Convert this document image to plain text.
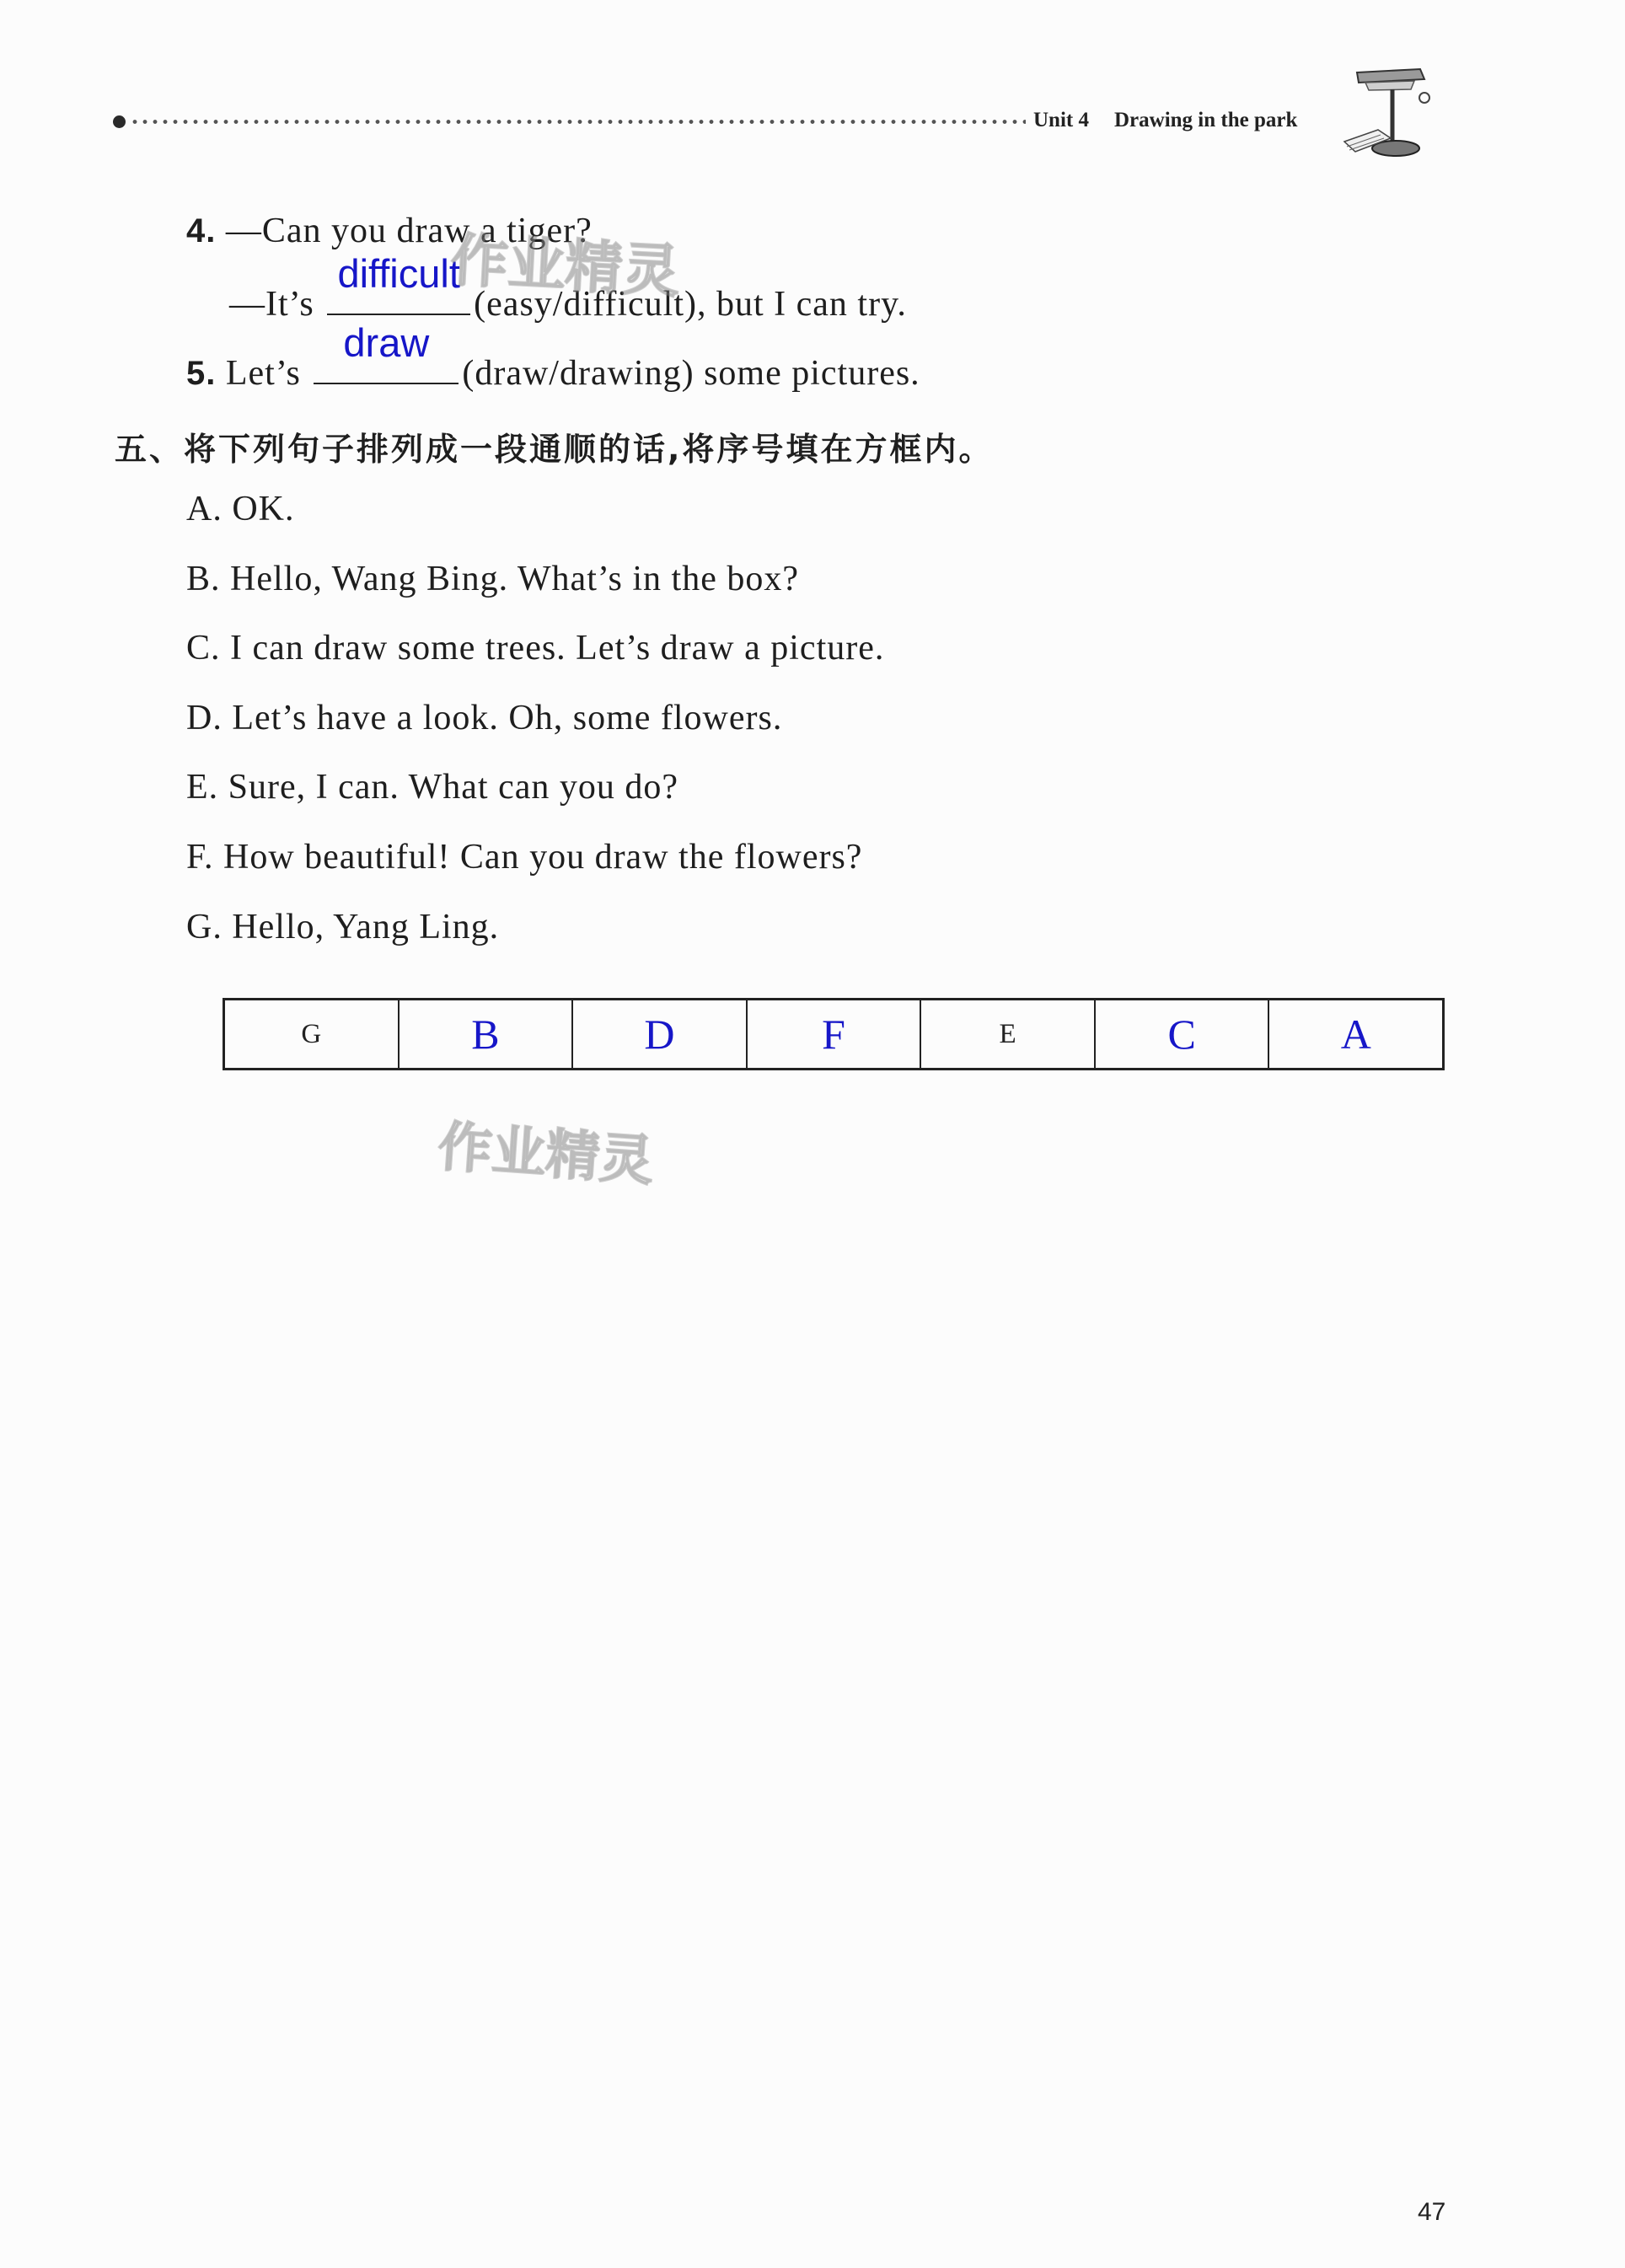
Unit 4 Drawing in the park
4. —Can you draw a tiger?
—It’s
difficult
(easy/difficult), but I can try.
5. Let’s
draw
(draw/drawing) some pictures.
五、将下列句子排列成一段通顺的话,将序号填在方框内。
A. OK.
B. Hello, Wang Bing. What’s in the box?
C. I can draw some trees. Let’s draw a picture.
D. Let’s have a look. Oh, some flowers.
E. Sure, I can. What can you do?
F. How beautiful! Can you draw the flowers?
G. Hello, Yang Ling.
G	B	D	F	E	C	A
作业精灵
作业精灵
47
